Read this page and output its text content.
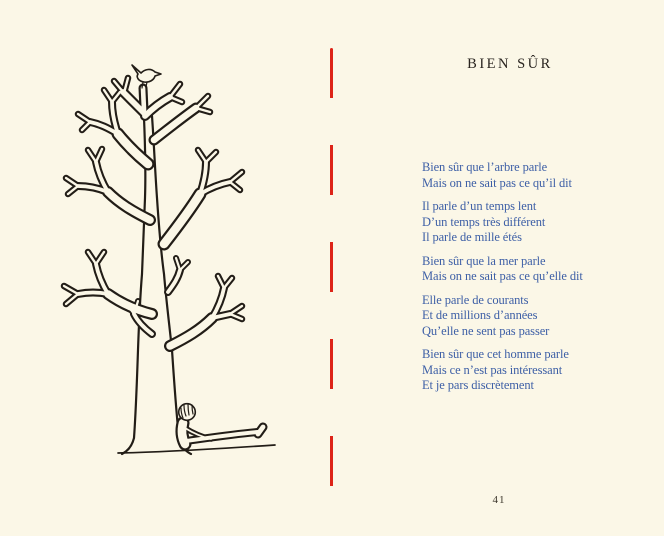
BIEN SÛR
Bien sûr que l’arbre parle
Mais on ne sait pas ce qu’il dit
Il parle d’un temps lent
D’un temps très différent
Il parle de mille étés
Bien sûr que la mer parle
Mais on ne sait pas ce qu’elle dit
Elle parle de courants
Et de millions d’années
Qu’elle ne sent pas passer
Bien sûr que cet homme parle
Mais ce n’est pas intéressant
Et je pars discrètement
41
